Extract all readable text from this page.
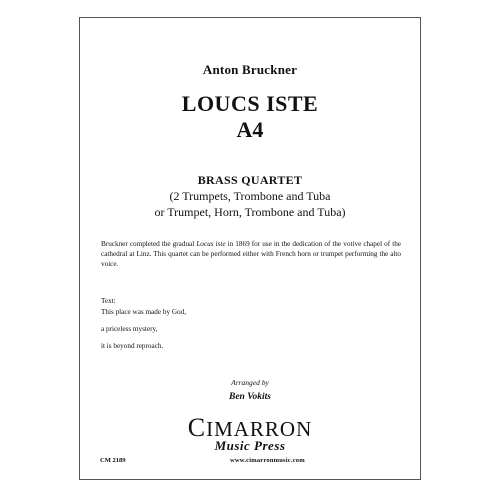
Anton Bruckner
LOUCS ISTE
A4
BRASS QUARTET
(2 Trumpets, Trombone and Tuba
or Trumpet, Horn, Trombone and Tuba)
Bruckner completed the gradual Locus iste in 1869 for use in the dedication of the votive chapel of the cathedral at Linz. This quartet can be performed either with French horn or trumpet performing the alto voice.
Text:
This place was made by God,
a priceless mystery,
it is beyond reproach.
Arranged by
Ben Vokits
CIMARRON
Music Press
CM 2189	www.cimarronmusic.com
